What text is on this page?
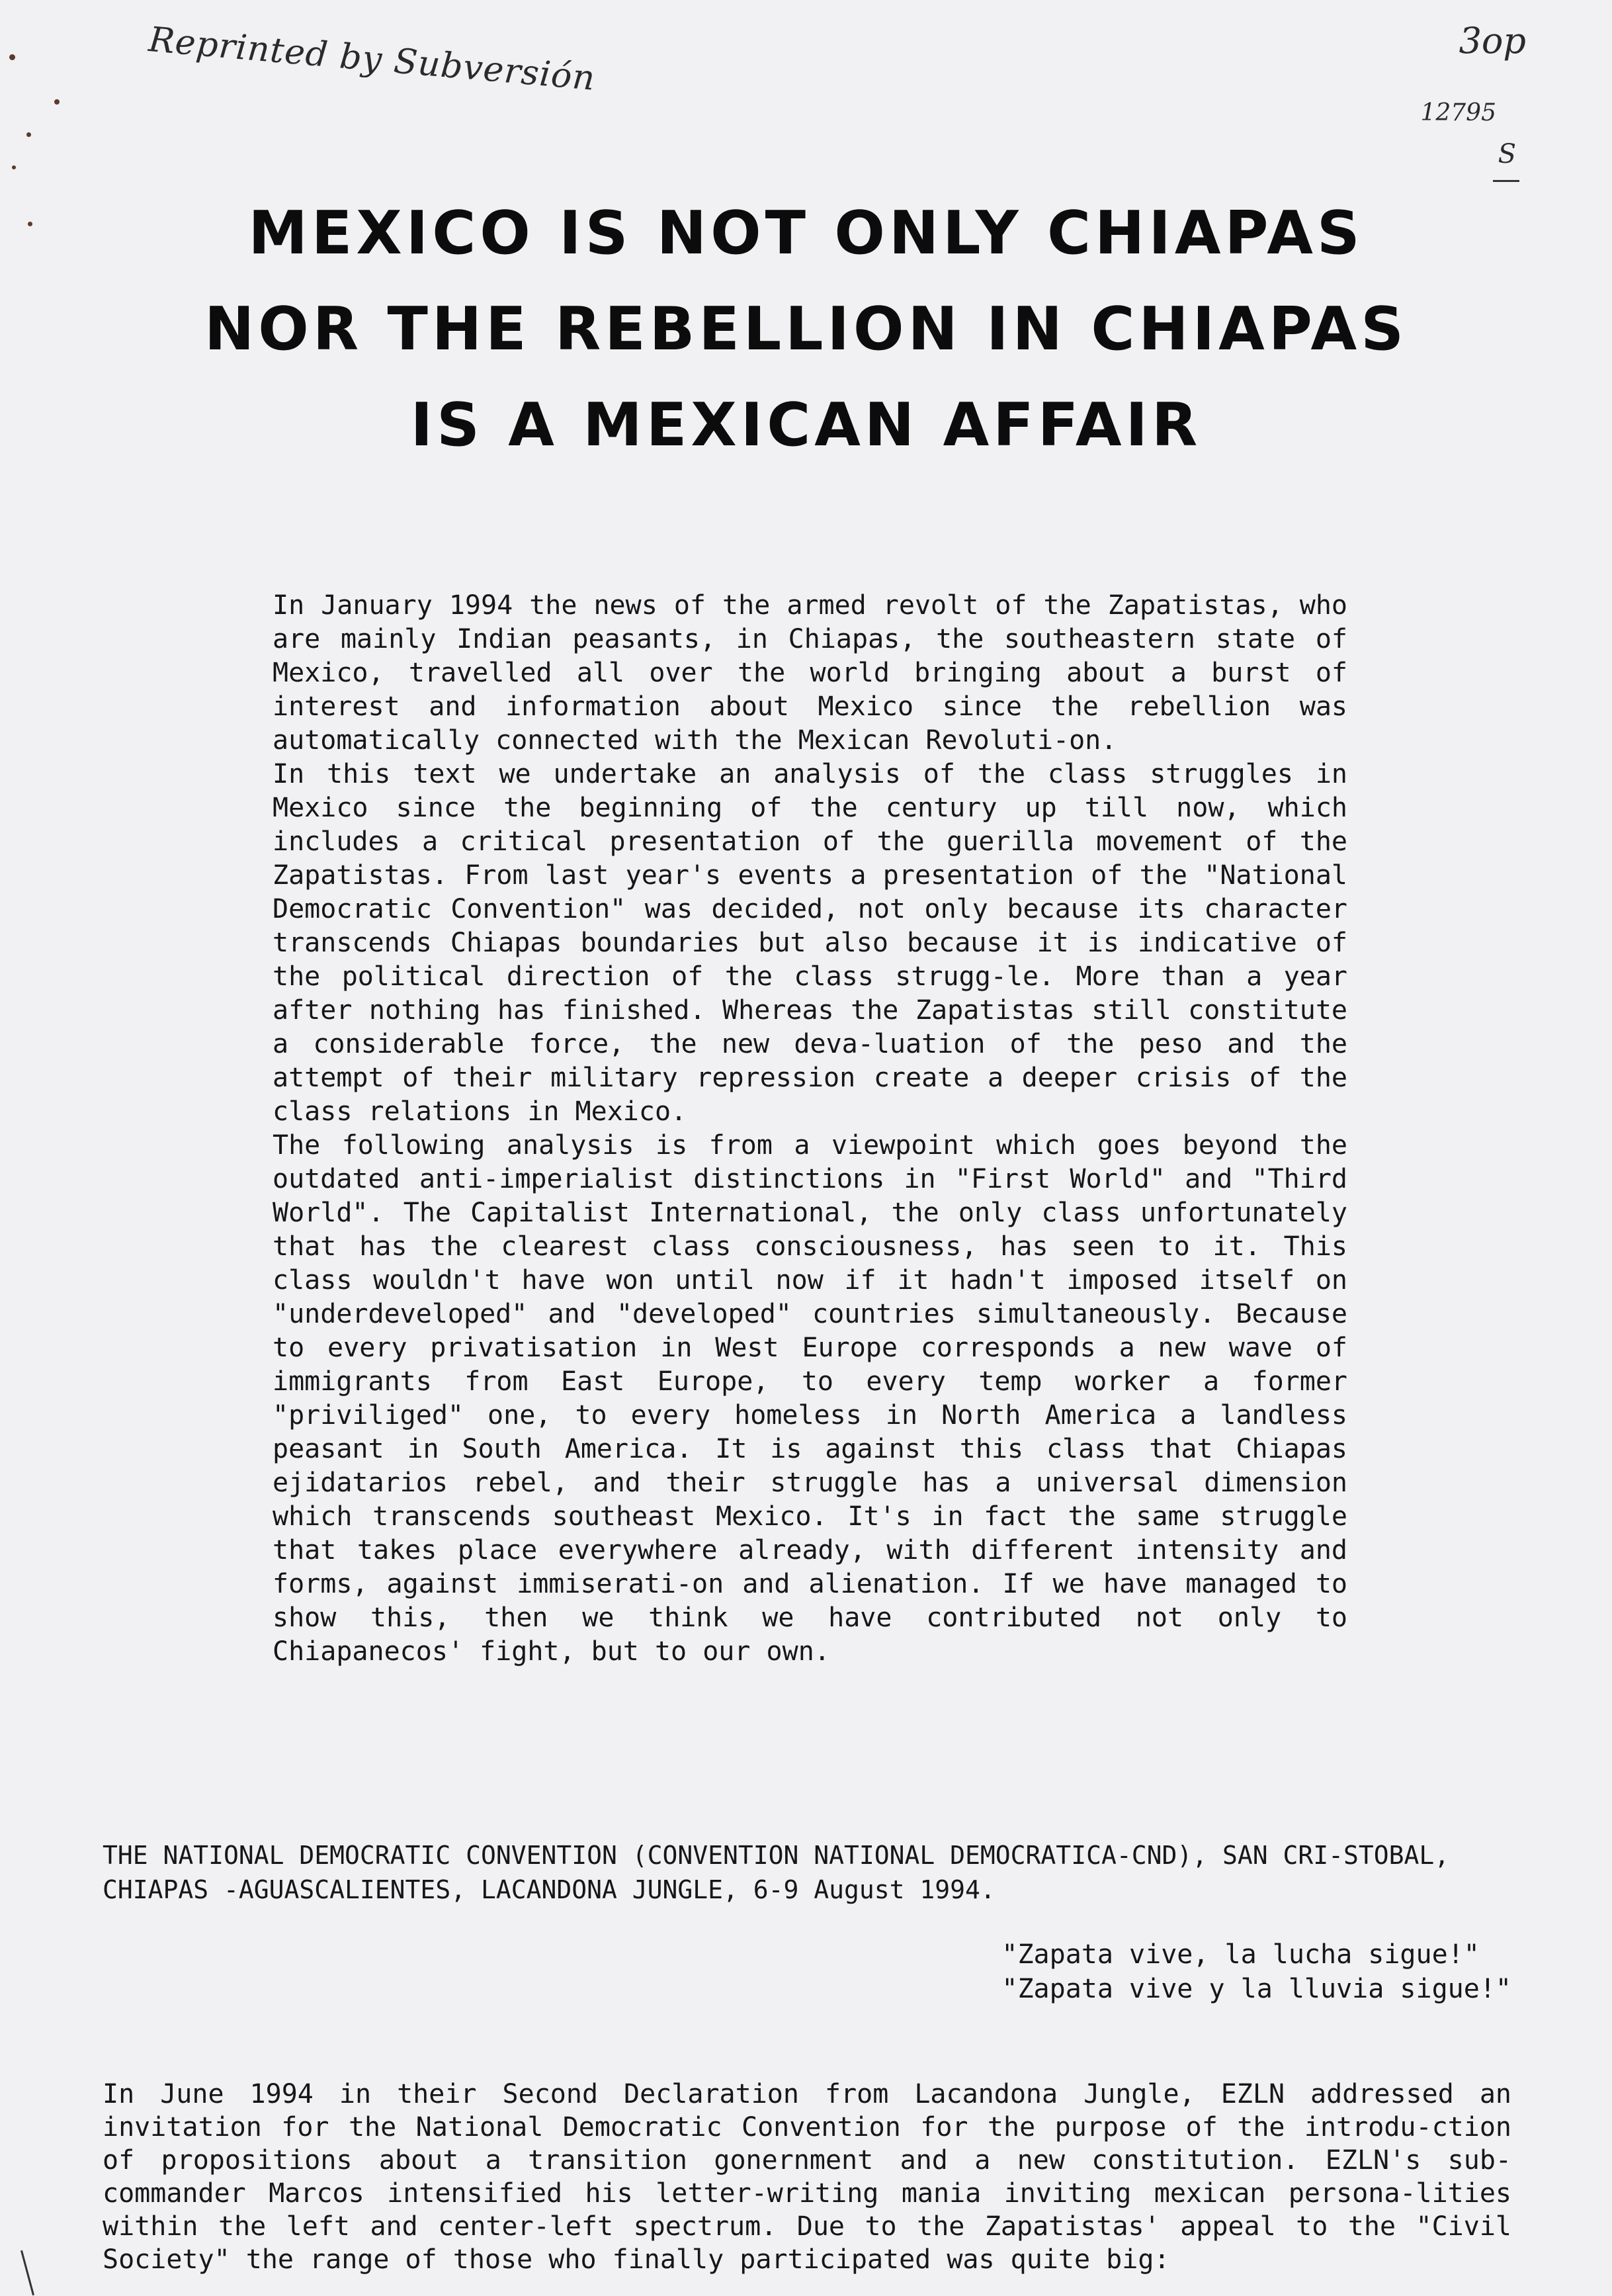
Reprinted by Subversión	3op
12795
S
MEXICO IS NOT ONLY CHIAPAS
NOR THE REBELLION IN CHIAPAS
IS A MEXICAN AFFAIR

In January 1994 the news of the armed revolt of the Zapatistas, who are mainly Indian peasants, in Chiapas, the southeastern state of Mexico, travelled all over the world bringing about a burst of interest and information about Mexico since the rebellion was automatically connected with the Mexican Revoluti-on.

In this text we undertake an analysis of the class struggles in Mexico since the beginning of the century up till now, which includes a critical presentation of the guerilla movement of the Zapatistas. From last year's events a presentation of the "National Democratic Convention" was decided, not only because its character transcends Chiapas boundaries but also because it is indicative of the political direction of the class strugg-le. More than a year after nothing has finished. Whereas the Zapatistas still constitute a considerable force, the new deva-luation of the peso and the attempt of their military repression create a deeper crisis of the class relations in Mexico.

The following analysis is from a viewpoint which goes beyond the outdated anti-imperialist distinctions in "First World" and "Third World". The Capitalist International, the only class unfortunately that has the clearest class consciousness, has seen to it. This class wouldn't have won until now if it hadn't imposed itself on "underdeveloped" and "developed" countries simultaneously. Because to every privatisation in West Europe corresponds a new wave of immigrants from East Europe, to every temp worker a former "priviliged" one, to every homeless in North America a landless peasant in South America. It is against this class that Chiapas ejidatarios rebel, and their struggle has a universal dimension which transcends southeast Mexico. It's in fact the same struggle that takes place everywhere already, with different intensity and forms, against immiserati-on and alienation. If we have managed to show this, then we think we have contributed not only to Chiapanecos' fight, but to our own.

THE NATIONAL DEMOCRATIC CONVENTION (CONVENTION NATIONAL DEMOCRATICA-CND), SAN CRI-STOBAL, CHIAPAS -AGUASCALIENTES, LACANDONA JUNGLE, 6-9 August 1994.
"Zapata vive, la lucha sigue!"
"Zapata vive y la lluvia sigue!"

In June 1994 in their Second Declaration from Lacandona Jungle, EZLN addressed an invitation for the National Democratic Convention for the purpose of the introdu-ction of propositions about a transition gonernment and a new constitution. EZLN's sub-commander Marcos intensified his letter-writing mania inviting mexican persona-lities within the left and center-left spectrum. Due to the Zapatistas' appeal to the "Civil Society" the range of those who finally participated was quite big:
